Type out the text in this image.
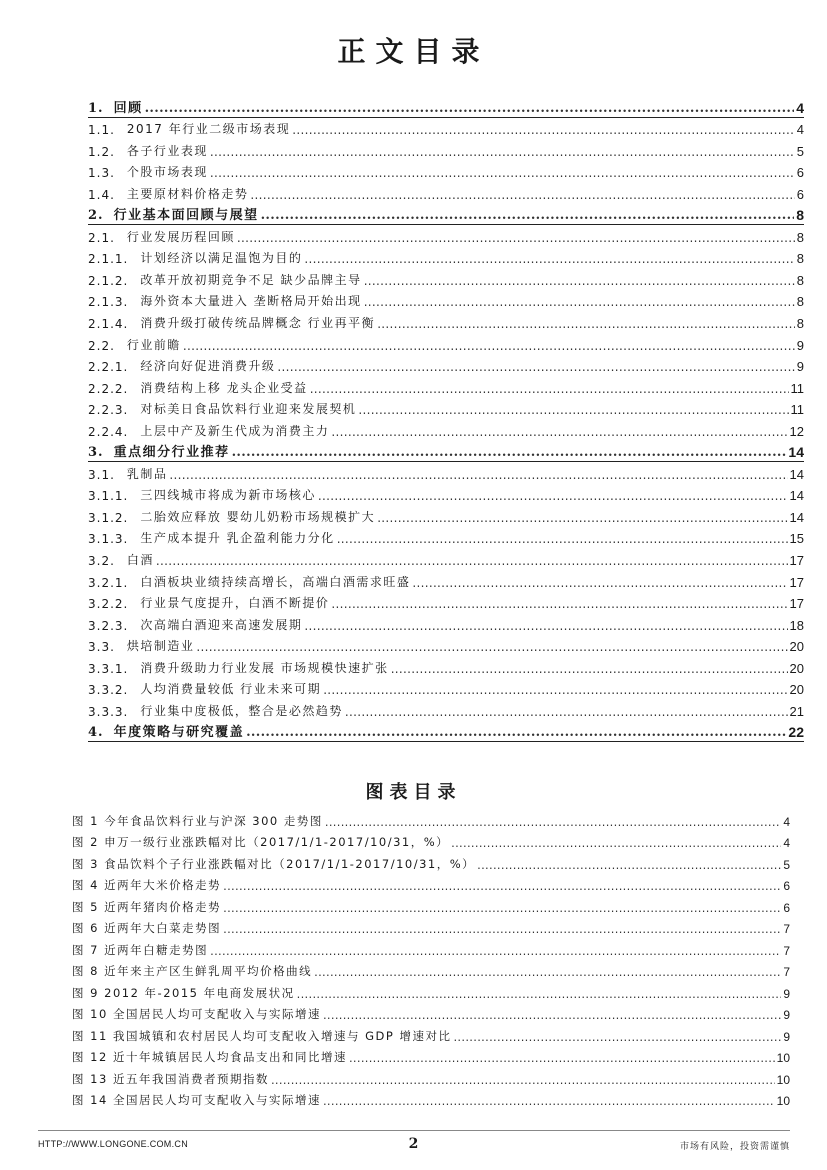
正文目录
1. 回顾 .....	4
1.1. 2017 年行业二级市场表现 .....	4
1.2. 各子行业表现 .....	5
1.3. 个股市场表现 .....	6
1.4. 主要原材料价格走势 .....	6
2. 行业基本面回顾与展望 .....	8
2.1. 行业发展历程回顾 .....	8
2.1.1. 计划经济以满足温饱为目的 .....	8
2.1.2. 改革开放初期竞争不足 缺少品牌主导 .....	8
2.1.3. 海外资本大量进入 垄断格局开始出现 .....	8
2.1.4. 消费升级打破传统品牌概念 行业再平衡 .....	8
2.2. 行业前瞻 .....	9
2.2.1. 经济向好促进消费升级 .....	9
2.2.2. 消费结构上移 龙头企业受益 .....	11
2.2.3. 对标美日食品饮料行业迎来发展契机 .....	11
2.2.4. 上层中产及新生代成为消费主力 .....	12
3. 重点细分行业推荐 .....	14
3.1. 乳制品 .....	14
3.1.1. 三四线城市将成为新市场核心 .....	14
3.1.2. 二胎效应释放 婴幼儿奶粉市场规模扩大 .....	14
3.1.3. 生产成本提升 乳企盈利能力分化 .....	15
3.2. 白酒 .....	17
3.2.1. 白酒板块业绩持续高增长，高端白酒需求旺盛 .....	17
3.2.2. 行业景气度提升，白酒不断提价 .....	17
3.2.3. 次高端白酒迎来高速发展期 .....	18
3.3. 烘培制造业 .....	20
3.3.1. 消费升级助力行业发展 市场规模快速扩张 .....	20
3.3.2. 人均消费量较低 行业未来可期 .....	20
3.3.3. 行业集中度极低，整合是必然趋势 .....	21
4. 年度策略与研究覆盖 .....	22
图表目录
图 1 今年食品饮料行业与沪深 300 走势图 .....	4
图 2 申万一级行业涨跌幅对比（2017/1/1-2017/10/31，%） .....	4
图 3 食品饮料个子行业涨跌幅对比（2017/1/1-2017/10/31，%） .....	5
图 4 近两年大米价格走势 .....	6
图 5 近两年猪肉价格走势 .....	6
图 6 近两年大白菜走势图 .....	7
图 7 近两年白糖走势图 .....	7
图 8 近年来主产区生鲜乳周平均价格曲线 .....	7
图 9 2012 年-2015 年电商发展状况 .....	9
图 10 全国居民人均可支配收入与实际增速 .....	9
图 11 我国城镇和农村居民人均可支配收入增速与 GDP 增速对比 .....	9
图 12 近十年城镇居民人均食品支出和同比增速 .....	10
图 13 近五年我国消费者预期指数 .....	10
图 14 全国居民人均可支配收入与实际增速 .....	10
HTTP://WWW.LONGONE.COM.CN	2	市场有风险，投资需谨慎
